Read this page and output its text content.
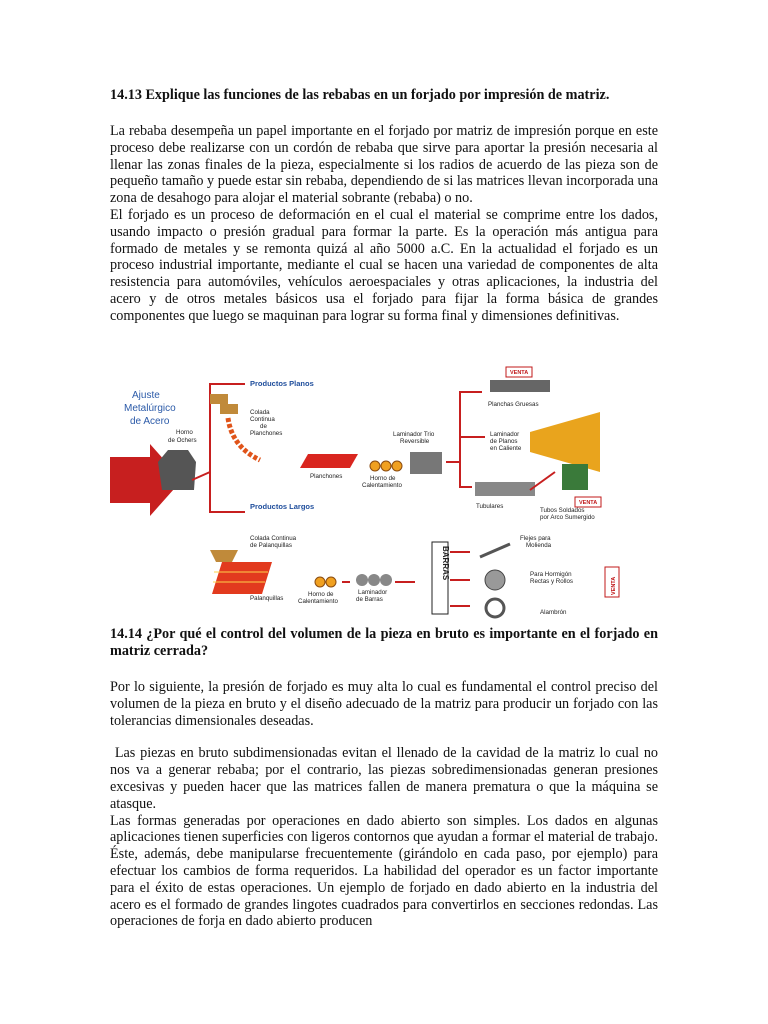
14.13 Explique las funciones de las rebabas en un forjado por impresión de matriz.

La rebaba desempeña un papel importante en el forjado por matriz de impresión porque en este proceso debe realizarse con un cordón de rebaba que sirve para aportar la presión necesaria al llenar las zonas finales de la pieza, especialmente si los radios de acuerdo de las pieza son de pequeño tamaño y puede estar sin rebaba, dependiendo de si las matrices llevan incorporada una zona de desahogo para alojar el material sobrante (rebaba) o no.

El forjado es un proceso de deformación en el cual el material se comprime entre los dados, usando impacto o presión gradual para formar la parte. Es la operación más antigua para formado de metales y se remonta quizá al año 5000 a.C. En la actualidad el forjado es un proceso industrial importante, mediante el cual se hacen una variedad de componentes de alta resistencia para automóviles, vehículos aeroespaciales y otras aplicaciones, la industria del acero y de otros metales básicos usa el forjado para fijar la forma básica de grandes componentes que luego se maquinan para lograr su forma final y dimensiones definitivas.

Ajuste
Metalúrgico
de Acero
Horno
de Ochers
Productos Planos
Productos Largos
Colada
Continua
de
Planchones
Planchones	Horno de
Calentamiento
Laminador Trio
Reversible
Planchas Gruesas
Laminador
de Planos
en Caliente
Tubulares
Tubos Soldados
por Arco Sumergido
VENTA
VENTA
VENTA
Colada Continua
de Palanquillas
Palanquillas
Horno de
Calentamiento
Laminador
de Barras
BARRAS
Flejes para
Molienda
Para Hormigón
Rectas y Rollos
Alambrón
14.14 ¿Por qué el control del volumen de la pieza en bruto es importante en el forjado en matriz cerrada?

Por lo siguiente, la presión de forjado es muy alta lo cual es fundamental el control preciso del volumen de la pieza en bruto y el diseño adecuado de la matriz para producir un forjado con las tolerancias dimensionales deseadas.

Las piezas en bruto subdimensionadas evitan el llenado de la cavidad de la matriz lo cual no nos va a generar rebaba; por el contrario, las piezas sobredimensionadas generan presiones excesivas y pueden hacer que las matrices fallen de manera prematura o que la máquina se atasque.

Las formas generadas por operaciones en dado abierto son simples. Los dados en algunas aplicaciones tienen superficies con ligeros contornos que ayudan a formar el material de trabajo. Éste, además, debe manipularse frecuentemente (girándolo en cada paso, por ejemplo) para efectuar los cambios de forma requeridos. La habilidad del operador es un factor importante para el éxito de estas operaciones. Un ejemplo de forjado en dado abierto en la industria del acero es el formado de grandes lingotes cuadrados para convertirlos en secciones redondas. Las operaciones de forja en dado abierto producen
